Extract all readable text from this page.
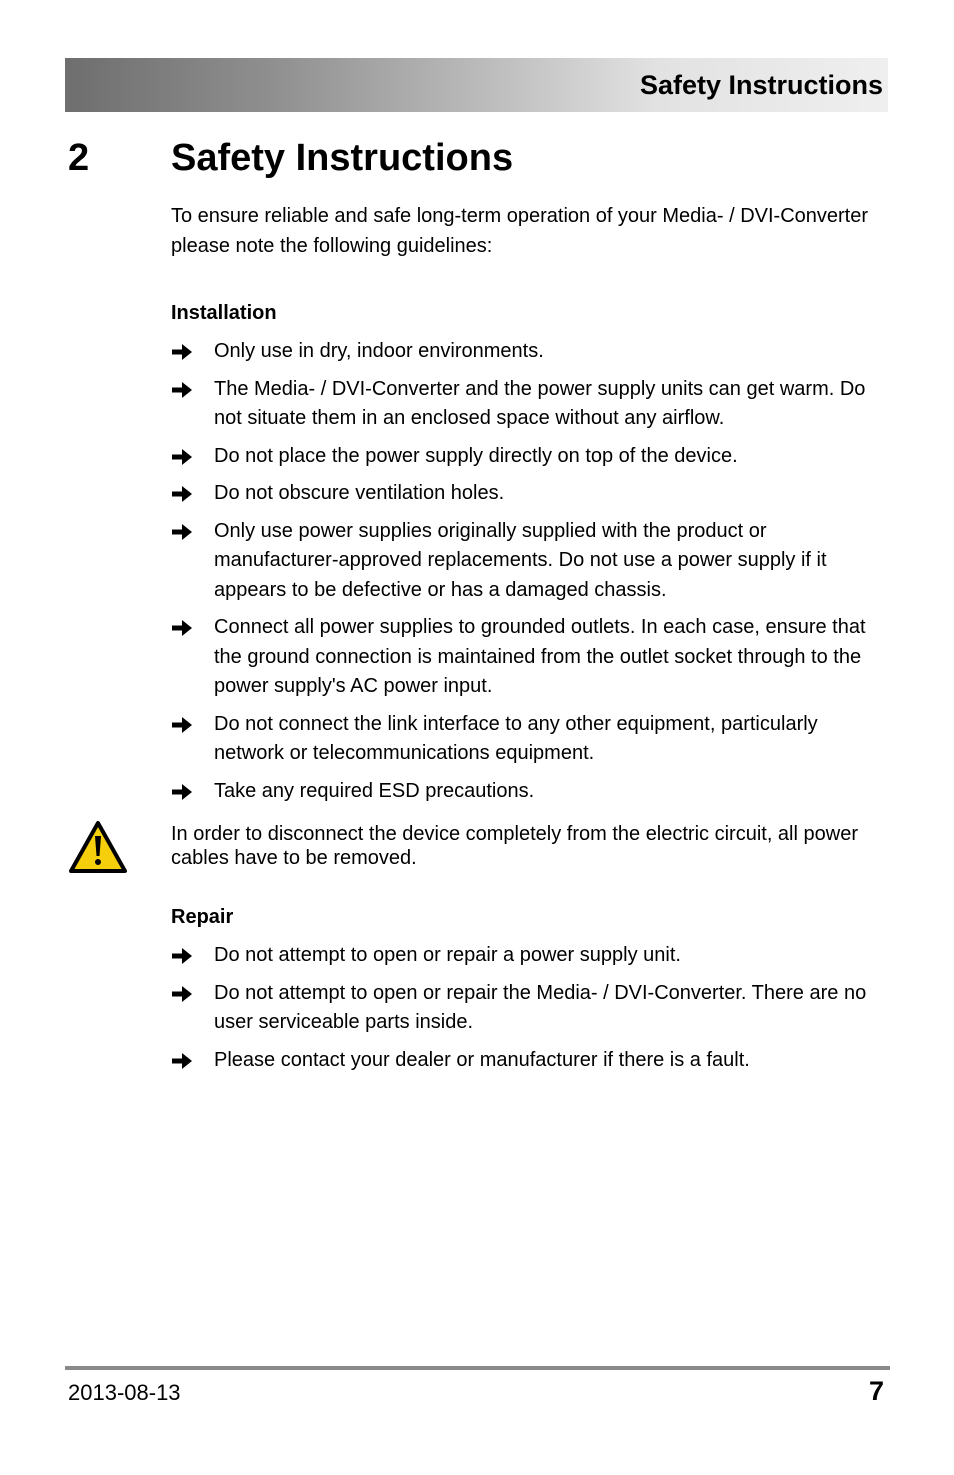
Safety Instructions
2 Safety Instructions
To ensure reliable and safe long-term operation of your Media- / DVI-Converter please note the following guidelines:
Installation
Only use in dry, indoor environments.
The Media- / DVI-Converter and the power supply units can get warm. Do not situate them in an enclosed space without any airflow.
Do not place the power supply directly on top of the device.
Do not obscure ventilation holes.
Only use power supplies originally supplied with the product or manufacturer-approved replacements. Do not use a power supply if it appears to be defective or has a damaged chassis.
Connect all power supplies to grounded outlets. In each case, ensure that the ground connection is maintained from the outlet socket through to the power supply's AC power input.
Do not connect the link interface to any other equipment, particularly network or telecommunications equipment.
Take any required ESD precautions.
In order to disconnect the device completely from the electric circuit, all power cables have to be removed.
Repair
Do not attempt to open or repair a power supply unit.
Do not attempt to open or repair the Media- / DVI-Converter. There are no user serviceable parts inside.
Please contact your dealer or manufacturer if there is a fault.
2013-08-13	7
